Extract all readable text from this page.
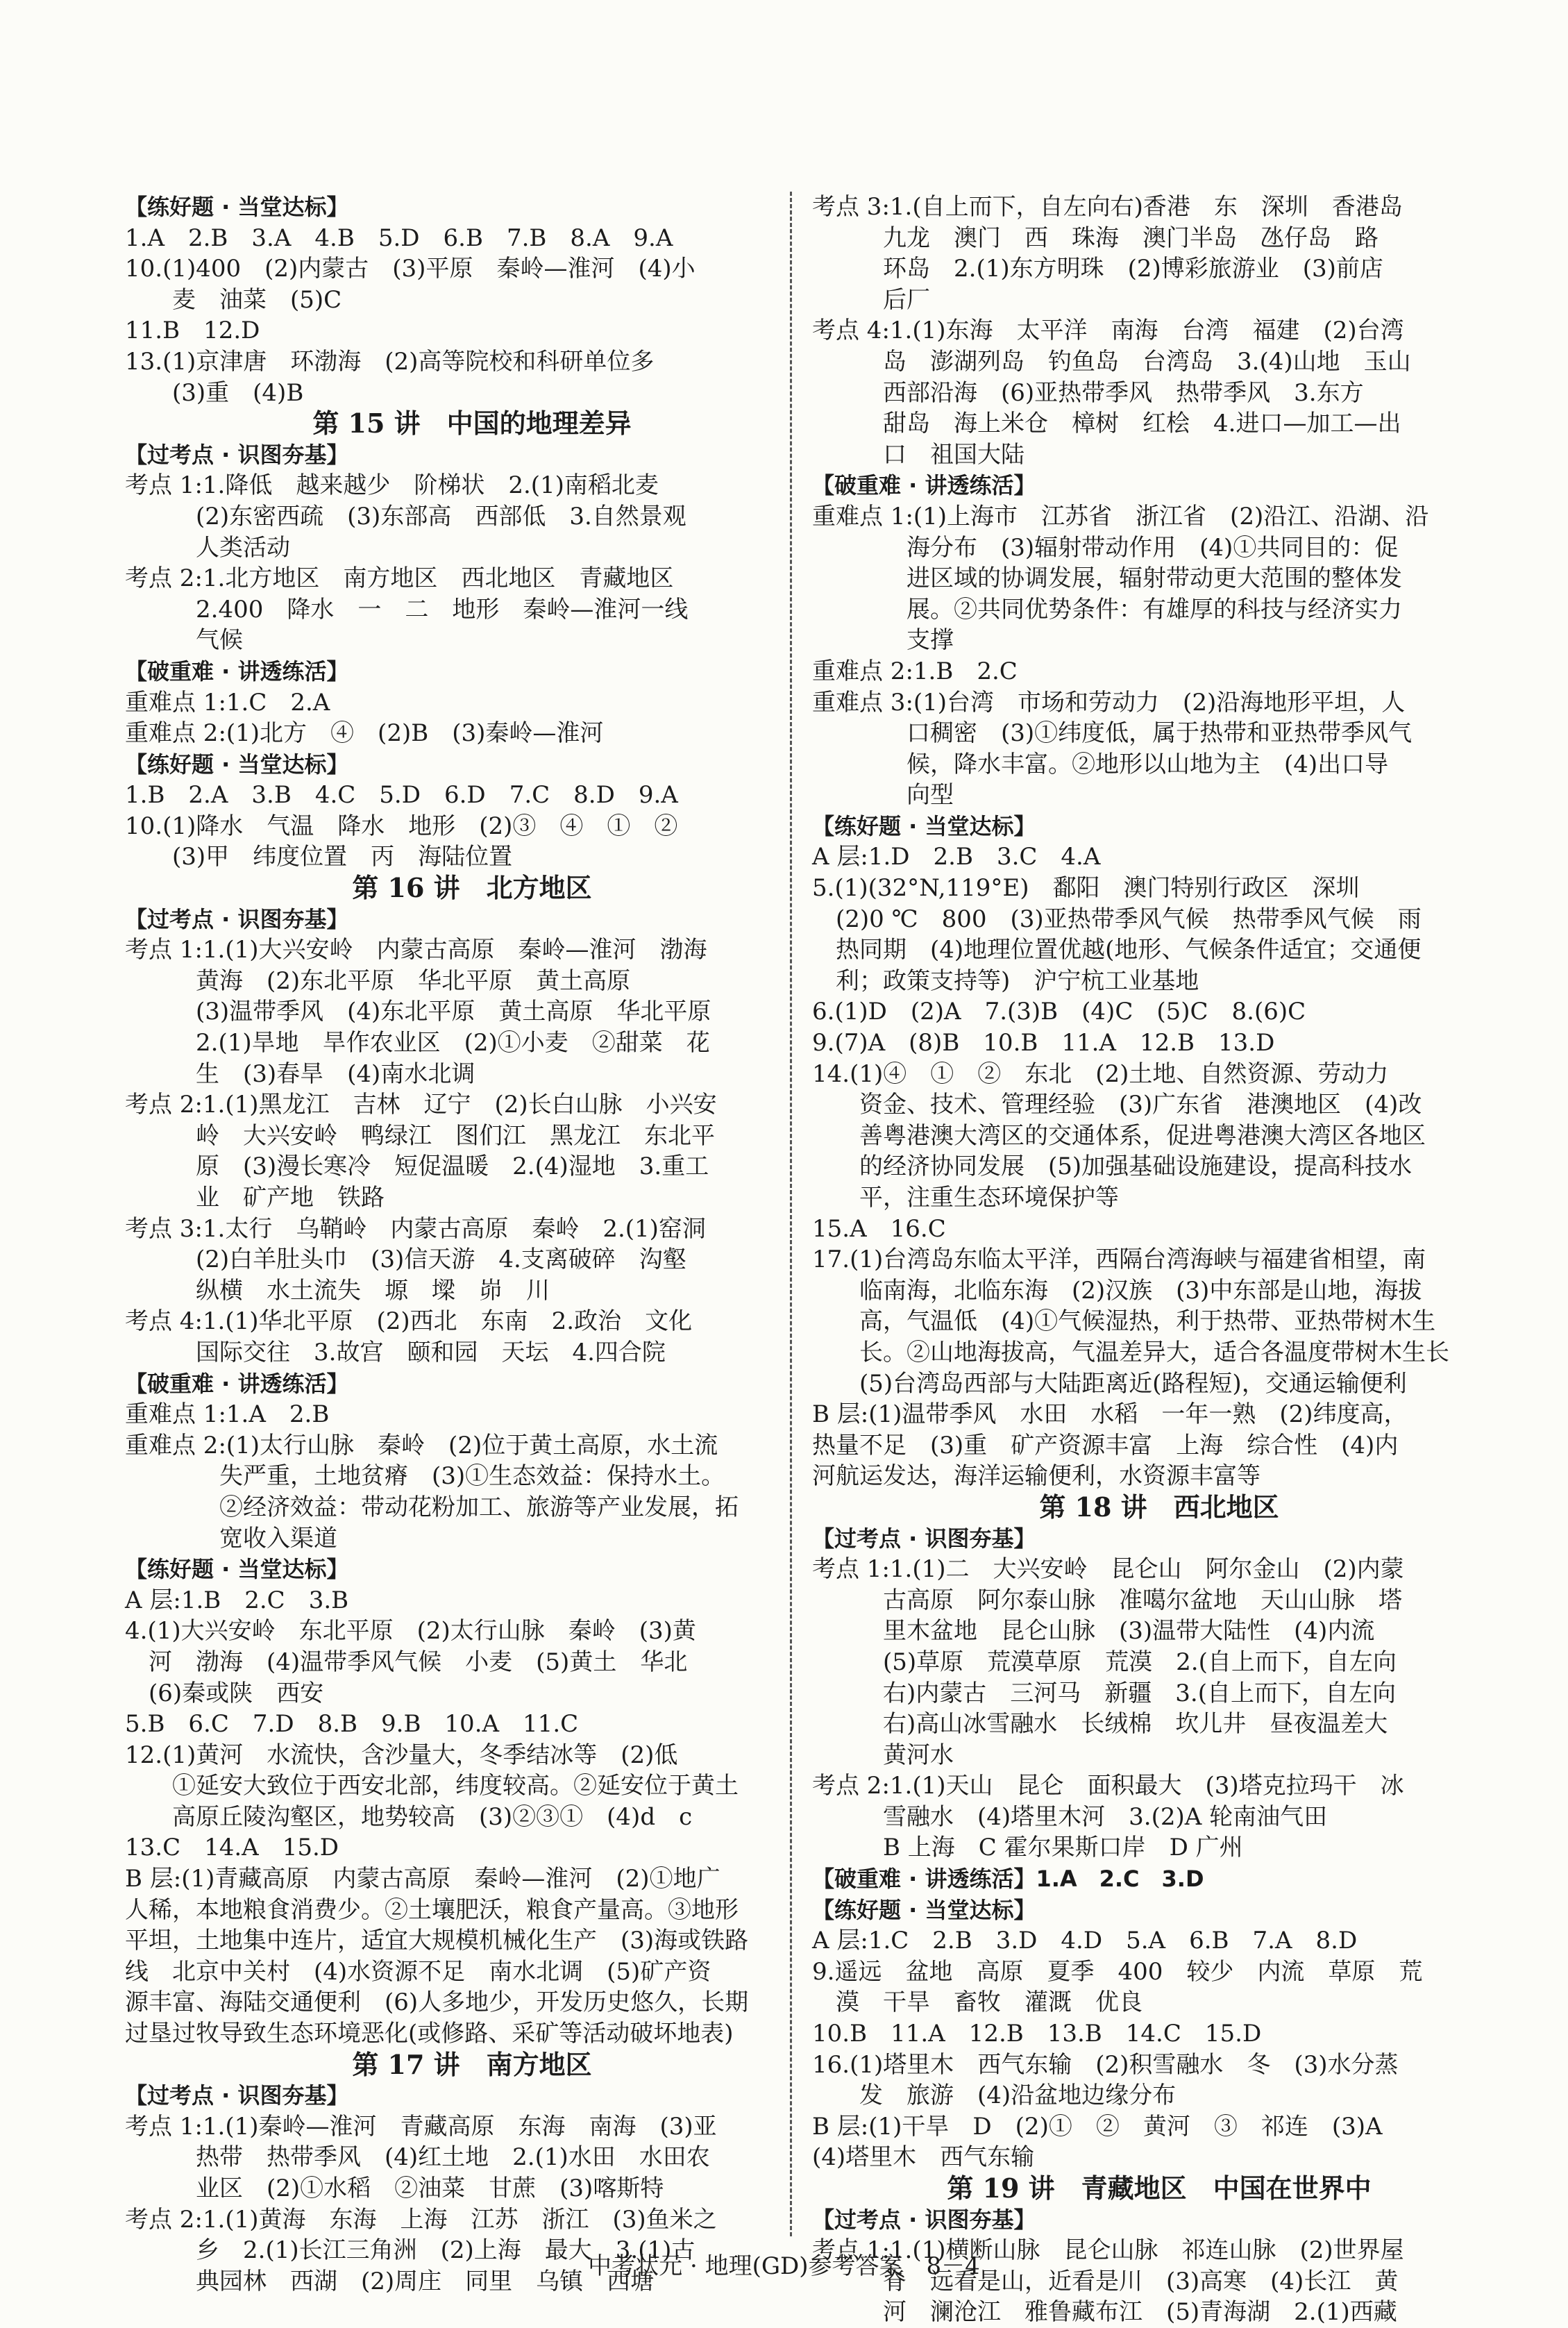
【练好题 · 当堂达标】
1.A　2.B　3.A　4.B　5.D　6.B　7.B　8.A　9.A
10.(1)400　(2)内蒙古　(3)平原　秦岭—淮河　(4)小
　　麦　油菜　(5)C
11.B　12.D
13.(1)京津唐　环渤海　(2)高等院校和科研单位多
　　(3)重　(4)B
第 15 讲　中国的地理差异
【过考点 · 识图夯基】
考点 1:1.降低　越来越少　阶梯状　2.(1)南稻北麦
　　　(2)东密西疏　(3)东部高　西部低　3.自然景观
　　　人类活动
考点 2:1.北方地区　南方地区　西北地区　青藏地区
　　　2.400　降水　一　二　地形　秦岭—淮河一线
　　　气候
【破重难 · 讲透练活】
重难点 1:1.C　2.A
重难点 2:(1)北方　④　(2)B　(3)秦岭—淮河
【练好题 · 当堂达标】
1.B　2.A　3.B　4.C　5.D　6.D　7.C　8.D　9.A
10.(1)降水　气温　降水　地形　(2)③　④　①　②
　　(3)甲　纬度位置　丙　海陆位置
第 16 讲　北方地区
【过考点 · 识图夯基】
考点 1:1.(1)大兴安岭　内蒙古高原　秦岭—淮河　渤海
　　　黄海　(2)东北平原　华北平原　黄土高原
　　　(3)温带季风　(4)东北平原　黄土高原　华北平原
　　　2.(1)旱地　旱作农业区　(2)①小麦　②甜菜　花
　　　生　(3)春旱　(4)南水北调
考点 2:1.(1)黑龙江　吉林　辽宁　(2)长白山脉　小兴安
　　　岭　大兴安岭　鸭绿江　图们江　黑龙江　东北平
　　　原　(3)漫长寒冷　短促温暖　2.(4)湿地　3.重工
　　　业　矿产地　铁路
考点 3:1.太行　乌鞘岭　内蒙古高原　秦岭　2.(1)窑洞
　　　(2)白羊肚头巾　(3)信天游　4.支离破碎　沟壑
　　　纵横　水土流失　塬　墚　峁　川
考点 4:1.(1)华北平原　(2)西北　东南　2.政治　文化
　　　国际交往　3.故宫　颐和园　天坛　4.四合院
【破重难 · 讲透练活】
重难点 1:1.A　2.B
重难点 2:(1)太行山脉　秦岭　(2)位于黄土高原，水土流
　　　　失严重，土地贫瘠　(3)①生态效益：保持水土。
　　　　②经济效益：带动花粉加工、旅游等产业发展，拓
　　　　宽收入渠道
【练好题 · 当堂达标】
A 层:1.B　2.C　3.B
4.(1)大兴安岭　东北平原　(2)太行山脉　秦岭　(3)黄
　河　渤海　(4)温带季风气候　小麦　(5)黄土　华北
　(6)秦或陕　西安
5.B　6.C　7.D　8.B　9.B　10.A　11.C
12.(1)黄河　水流快，含沙量大，冬季结冰等　(2)低
　　①延安大致位于西安北部，纬度较高。②延安位于黄土
　　高原丘陵沟壑区，地势较高　(3)②③①　(4)d　c
13.C　14.A　15.D
B 层:(1)青藏高原　内蒙古高原　秦岭—淮河　(2)①地广
人稀，本地粮食消费少。②土壤肥沃，粮食产量高。③地形
平坦，土地集中连片，适宜大规模机械化生产　(3)海或铁路
线　北京中关村　(4)水资源不足　南水北调　(5)矿产资
源丰富、海陆交通便利　(6)人多地少，开发历史悠久，长期
过垦过牧导致生态环境恶化(或修路、采矿等活动破坏地表)
第 17 讲　南方地区
【过考点 · 识图夯基】
考点 1:1.(1)秦岭—淮河　青藏高原　东海　南海　(3)亚
　　　热带　热带季风　(4)红土地　2.(1)水田　水田农
　　　业区　(2)①水稻　②油菜　甘蔗　(3)喀斯特
考点 2:1.(1)黄海　东海　上海　江苏　浙江　(3)鱼米之
　　　乡　2.(1)长江三角洲　(2)上海　最大　3.(1)古
　　　典园林　西湖　(2)周庄　同里　乌镇　西塘
考点 3:1.(自上而下，自左向右)香港　东　深圳　香港岛
　　　九龙　澳门　西　珠海　澳门半岛　氹仔岛　路
　　　环岛　2.(1)东方明珠　(2)博彩旅游业　(3)前店
　　　后厂
考点 4:1.(1)东海　太平洋　南海　台湾　福建　(2)台湾
　　　岛　澎湖列岛　钓鱼岛　台湾岛　3.(4)山地　玉山
　　　西部沿海　(6)亚热带季风　热带季风　3.东方
　　　甜岛　海上米仓　樟树　红桧　4.进口—加工—出
　　　口　祖国大陆
【破重难 · 讲透练活】
重难点 1:(1)上海市　江苏省　浙江省　(2)沿江、沿湖、沿
　　　　海分布　(3)辐射带动作用　(4)①共同目的：促
　　　　进区域的协调发展，辐射带动更大范围的整体发
　　　　展。②共同优势条件：有雄厚的科技与经济实力
　　　　支撑
重难点 2:1.B　2.C
重难点 3:(1)台湾　市场和劳动力　(2)沿海地形平坦，人
　　　　口稠密　(3)①纬度低，属于热带和亚热带季风气
　　　　候，降水丰富。②地形以山地为主　(4)出口导
　　　　向型
【练好题 · 当堂达标】
A 层:1.D　2.B　3.C　4.A
5.(1)(32°N,119°E)　鄱阳　澳门特别行政区　深圳
　(2)0 ℃　800　(3)亚热带季风气候　热带季风气候　雨
　热同期　(4)地理位置优越(地形、气候条件适宜；交通便
　利；政策支持等)　沪宁杭工业基地
6.(1)D　(2)A　7.(3)B　(4)C　(5)C　8.(6)C
9.(7)A　(8)B　10.B　11.A　12.B　13.D
14.(1)④　①　②　东北　(2)土地、自然资源、劳动力
　　资金、技术、管理经验　(3)广东省　港澳地区　(4)改
　　善粤港澳大湾区的交通体系，促进粤港澳大湾区各地区
　　的经济协同发展　(5)加强基础设施建设，提高科技水
　　平，注重生态环境保护等
15.A　16.C
17.(1)台湾岛东临太平洋，西隔台湾海峡与福建省相望，南
　　临南海，北临东海　(2)汉族　(3)中东部是山地，海拔
　　高，气温低　(4)①气候湿热，利于热带、亚热带树木生
　　长。②山地海拔高，气温差异大，适合各温度带树木生长
　　(5)台湾岛西部与大陆距离近(路程短)，交通运输便利
B 层:(1)温带季风　水田　水稻　一年一熟　(2)纬度高，
热量不足　(3)重　矿产资源丰富　上海　综合性　(4)内
河航运发达，海洋运输便利，水资源丰富等
第 18 讲　西北地区
【过考点 · 识图夯基】
考点 1:1.(1)二　大兴安岭　昆仑山　阿尔金山　(2)内蒙
　　　古高原　阿尔泰山脉　准噶尔盆地　天山山脉　塔
　　　里木盆地　昆仑山脉　(3)温带大陆性　(4)内流
　　　(5)草原　荒漠草原　荒漠　2.(自上而下，自左向
　　　右)内蒙古　三河马　新疆　3.(自上而下，自左向
　　　右)高山冰雪融水　长绒棉　坎儿井　昼夜温差大
　　　黄河水
考点 2:1.(1)天山　昆仑　面积最大　(3)塔克拉玛干　冰
　　　雪融水　(4)塔里木河　3.(2)A 轮南油气田
　　　B 上海　C 霍尔果斯口岸　D 广州
【破重难 · 讲透练活】1.A　2.C　3.D
【练好题 · 当堂达标】
A 层:1.C　2.B　3.D　4.D　5.A　6.B　7.A　8.D
9.遥远　盆地　高原　夏季　400　较少　内流　草原　荒
　漠　干旱　畜牧　灌溉　优良
10.B　11.A　12.B　13.B　14.C　15.D
16.(1)塔里木　西气东输　(2)积雪融水　冬　(3)水分蒸
　　发　旅游　(4)沿盆地边缘分布
B 层:(1)干旱　D　(2)①　②　黄河　③　祁连　(3)A
(4)塔里木　西气东输
第 19 讲　青藏地区　中国在世界中
【过考点 · 识图夯基】
考点 1:1.(1)横断山脉　昆仑山脉　祁连山脉　(2)世界屋
　　　脊　远看是山，近看是川　(3)高寒　(4)长江　黄
　　　河　澜沧江　雅鲁藏布江　(5)青海湖　2.(1)西藏
中考状元 · 地理(GD)参考答案　8－4
